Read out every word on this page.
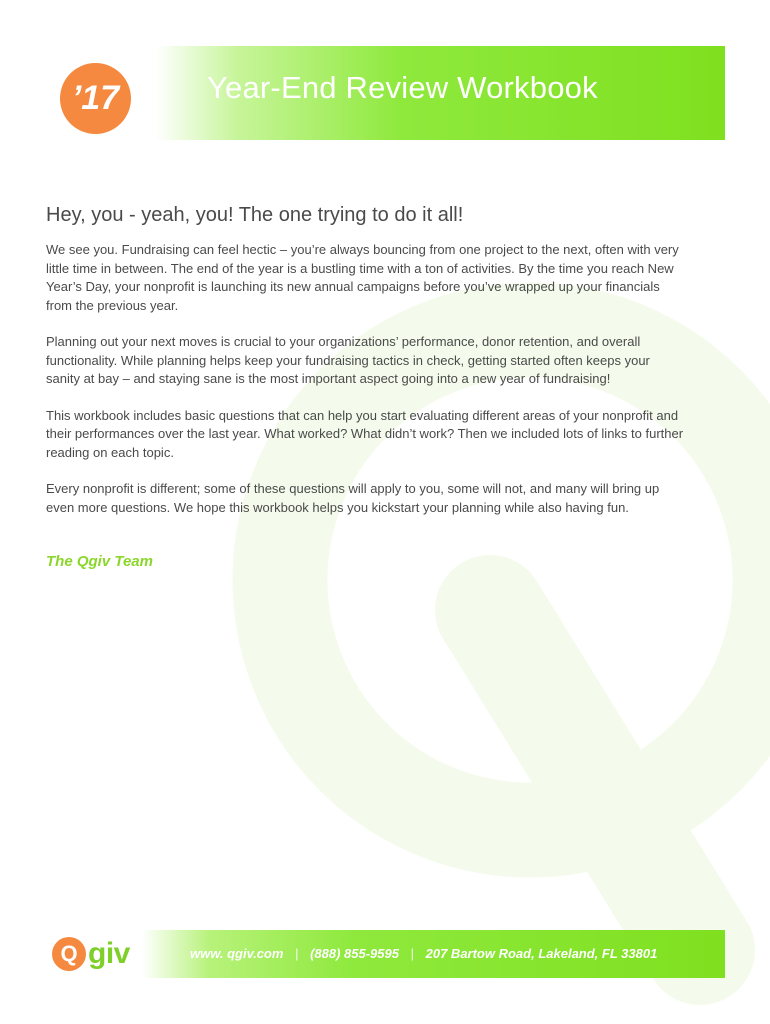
’17	Year-End Review Workbook
Hey, you - yeah, you! The one trying to do it all!

We see you. Fundraising can feel hectic – you’re always bouncing from one project to the next, often with very little time in between. The end of the year is a bustling time with a ton of activities. By the time you reach New Year’s Day, your nonprofit is launching its new annual campaigns before you’ve wrapped up your financials from the previous year.

Planning out your next moves is crucial to your organizations’ performance, donor retention, and overall functionality. While planning helps keep your fundraising tactics in check, getting started often keeps your sanity at bay – and staying sane is the most important aspect going into a new year of fundraising!

This workbook includes basic questions that can help you start evaluating different areas of your nonprofit and their performances over the last year. What worked? What didn’t work? Then we included lots of links to further reading on each topic.

Every nonprofit is different; some of these questions will apply to you, some will not, and many will bring up even more questions. We hope this workbook helps you kickstart your planning while also having fun.

The Qgiv Team

Q giv	www. qgiv.com | (888) 855-9595 | 207 Bartow Road, Lakeland, FL 33801
